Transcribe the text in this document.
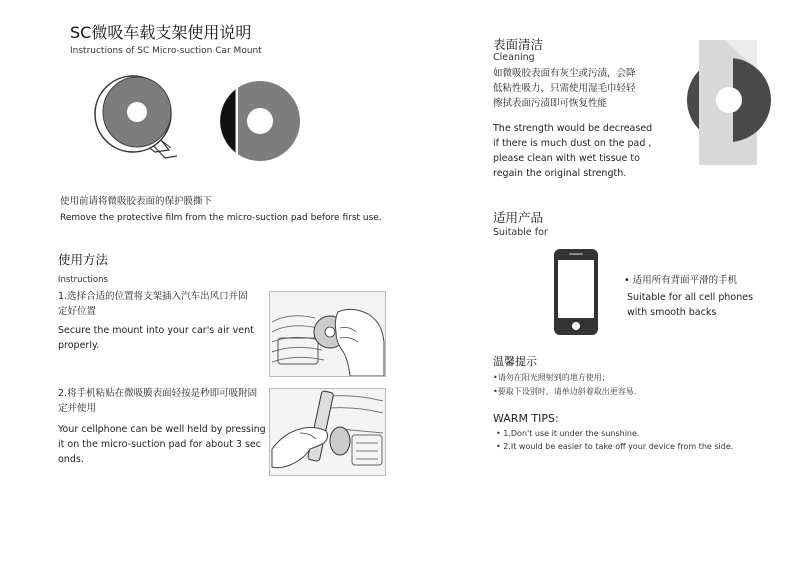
SC微吸车载支架使用说明
Instructions of SC Micro-suction Car Mount
使用前请将微吸胶表面的保护膜撕下
Remove the protective film from the micro-suction pad before first use.
使用方法
Instructions
1.选择合适的位置将支架插入汽车出风口并固
定好位置
Secure the mount into your car's air vent
properly.
2.将手机粘贴在微吸膜表面轻按是秒即可吸附固
定并使用
Your cellphone can be well held by pressing
it on the micro-suction pad for about 3 sec
onds.
表面清洁
Cleaning
如微吸胶表面有灰尘或污渍，会降
低粘性吸力，只需使用湿毛巾轻轻
擦拭表面污渍即可恢复性能
The strength would be decreased
if there is much dust on the pad ,
please clean with wet tissue to
regain the original strength.
适用产品
Suitable for
• 适用所有背面平滑的手机
Suitable for all cell phones
with smooth backs
温馨提示
•请勿在阳光照射到的地方使用；
•要取下设别时，请单边斜着取出更容易.
WARM TIPS:
• 1.Don't use it under the sunshine.
• 2.It would be easier to take off your device from the side.
